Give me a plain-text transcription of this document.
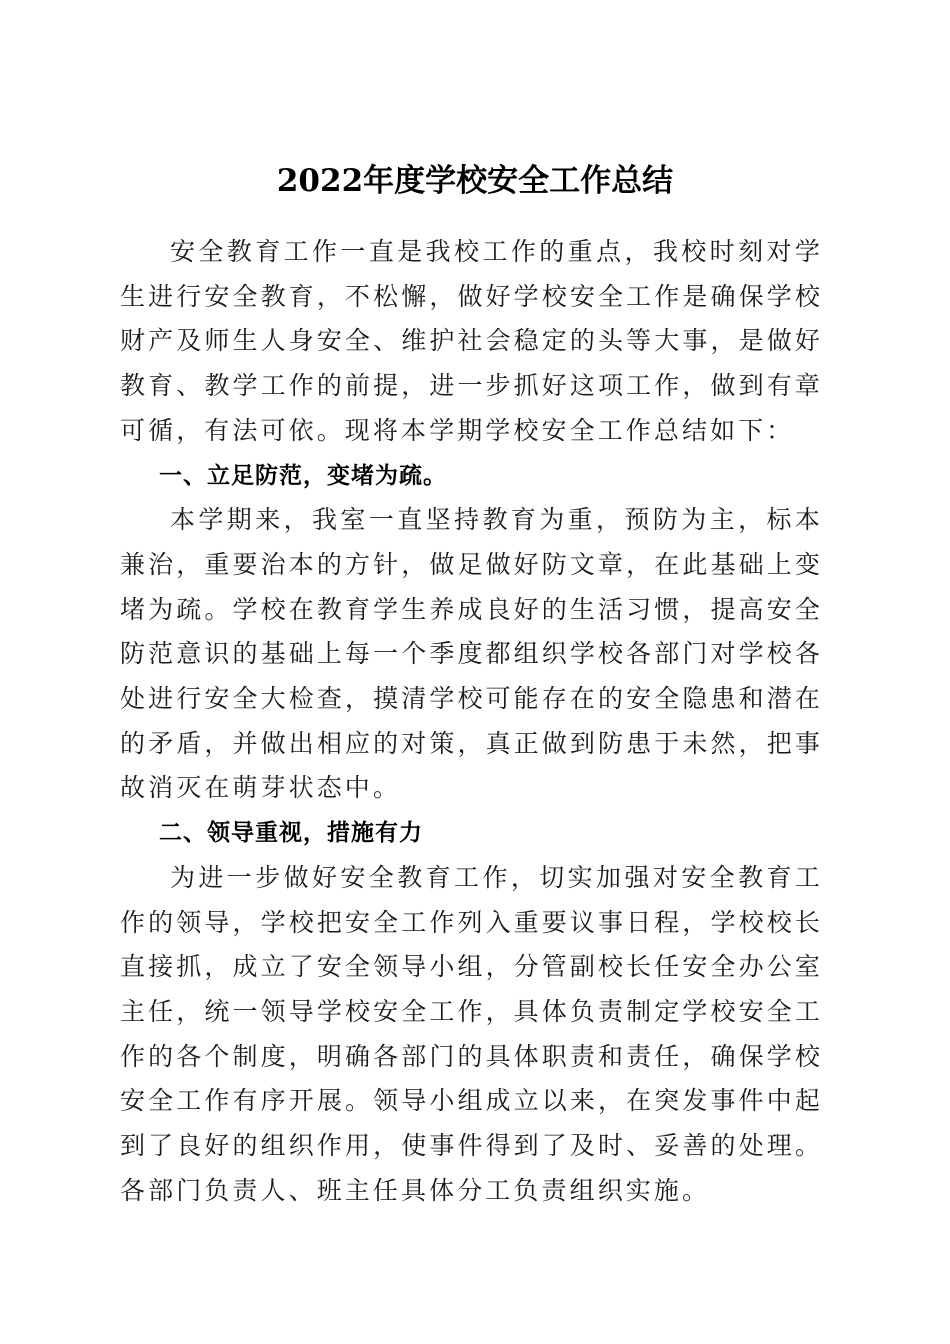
2022年度学校安全工作总结

安全教育工作一直是我校工作的重点，我校时刻对学生进行安全教育，不松懈，做好学校安全工作是确保学校财产及师生人身安全、维护社会稳定的头等大事，是做好教育、教学工作的前提，进一步抓好这项工作，做到有章可循，有法可依。现将本学期学校安全工作总结如下：

一、立足防范，变堵为疏。

本学期来，我室一直坚持教育为重，预防为主，标本兼治，重要治本的方针，做足做好防文章，在此基础上变堵为疏。学校在教育学生养成良好的生活习惯，提高安全防范意识的基础上每一个季度都组织学校各部门对学校各处进行安全大检查，摸清学校可能存在的安全隐患和潜在的矛盾，并做出相应的对策，真正做到防患于未然，把事故消灭在萌芽状态中。

二、领导重视，措施有力

为进一步做好安全教育工作，切实加强对安全教育工作的领导，学校把安全工作列入重要议事日程，学校校长直接抓，成立了安全领导小组，分管副校长任安全办公室主任，统一领导学校安全工作，具体负责制定学校安全工作的各个制度，明确各部门的具体职责和责任，确保学校安全工作有序开展。领导小组成立以来，在突发事件中起到了良好的组织作用，使事件得到了及时、妥善的处理。各部门负责人、班主任具体分工负责组织实施。
